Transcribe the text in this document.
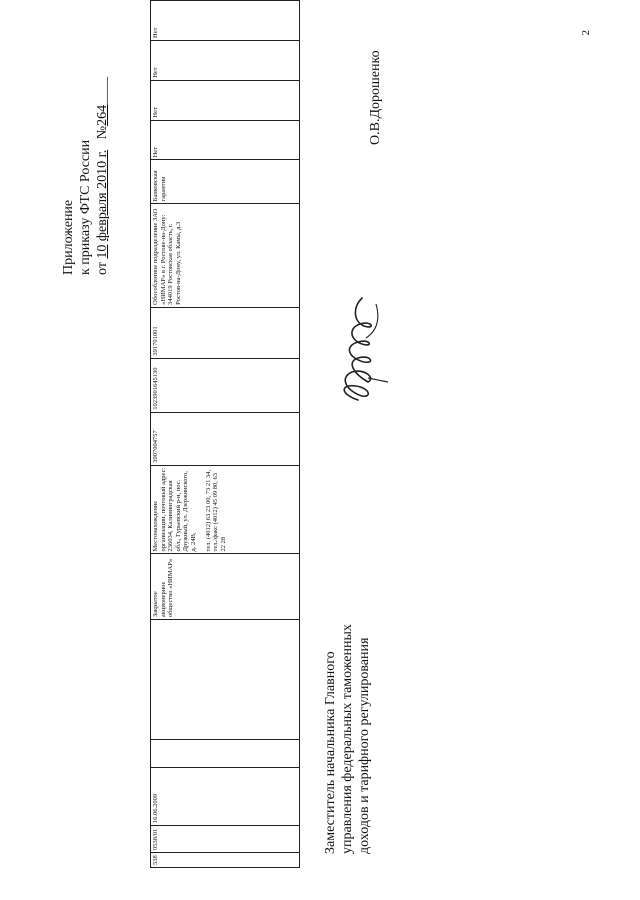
2
Приложение к приказу ФТС России от 10 февраля 2010 г.   №264____
538	0538/01	16.06.2009			Закрытое акционерное общество «НИМАР»	Местонахождение организации, почтовый адрес: 236034, Калининградская обл., Гурьевский р-н, пос. Дружный, ул. Дзержинского, д. 24В,

тел. (4012) 63 23 00, 73 21 34,
тел./факс (4012) 45 09 80, 63 22 28	3907004757	1023901645130	391701001	Обособленное подразделение ЗАО «НИМАР» в г. Ростове-на-Дону: 344019 Ростовская область, г. Ростов-на-Дону, ул. Камы, д.3	Банковская гарантия	Нет	Нет	Нет	Нет
Заместитель начальника Главного управления федеральных таможенных доходов и тарифного регулирования
О.В.Дорошенко
